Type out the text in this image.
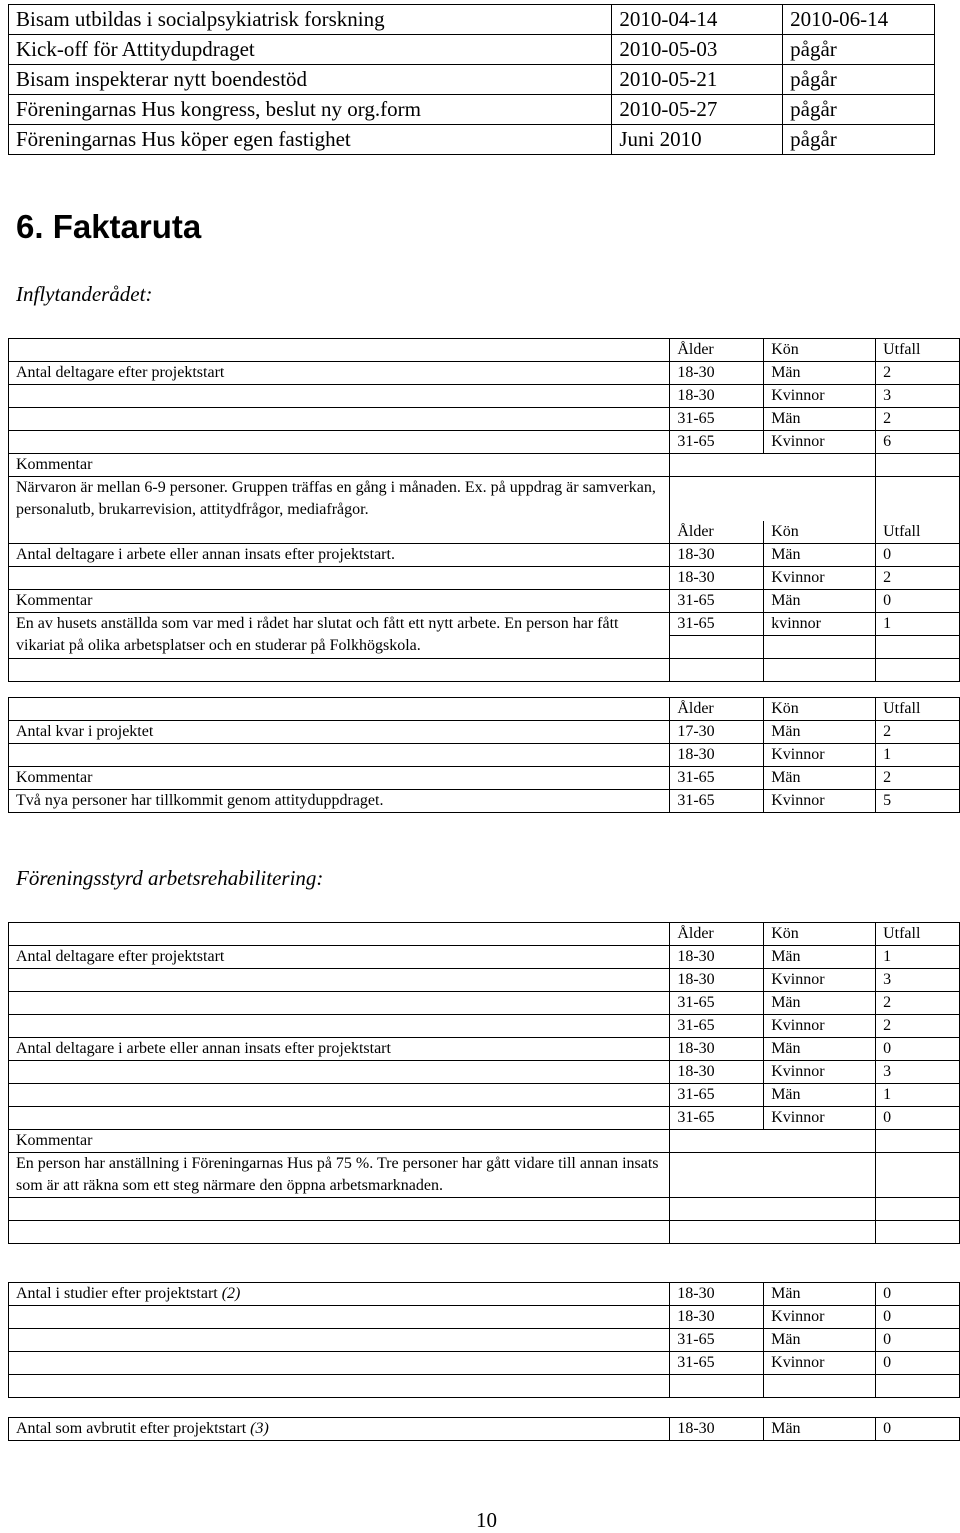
Bisam utbildas i socialpsykiatrisk forskning	2010-04-14	2010-06-14
Kick-off för Attitydupdraget	2010-05-03	pågår
Bisam inspekterar nytt boendestöd	2010-05-21	pågår
Föreningarnas Hus kongress, beslut ny org.form	2010-05-27	pågår
Föreningarnas Hus köper egen fastighet	Juni 2010	pågår
6. Faktaruta
Inflytanderådet:
	Ålder	Kön	Utfall
Antal deltagare efter projektstart	18-30	Män	2
	18-30	Kvinnor	3
	31-65	Män	2
	31-65	Kvinnor	6
Kommentar			
Närvaron är mellan 6-9 personer. Gruppen träffas en gång i månaden. Ex. på uppdrag är samverkan, personalutb, brukarrevision, attitydfrågor, mediafrågor.			
	Ålder	Kön	Utfall
Antal deltagare i arbete eller annan insats efter projektstart.	18-30	Män	0
	18-30	Kvinnor	2
Kommentar	31-65	Män	0
En av husets anställda som var med i rådet har slutat och fått ett nytt arbete. En person har fått vikariat på olika arbetsplatser och en studerar på Folkhögskola.	31-65	kvinnor	1

	Ålder	Kön	Utfall
Antal kvar i projektet	17-30	Män	2
	18-30	Kvinnor	1
Kommentar	31-65	Män	2
Två nya personer har tillkommit genom attityduppdraget.	31-65	Kvinnor	5
Föreningsstyrd arbetsrehabilitering:
	Ålder	Kön	Utfall
Antal deltagare efter projektstart	18-30	Män	1
	18-30	Kvinnor	3
	31-65	Män	2
	31-65	Kvinnor	2
Antal deltagare i arbete eller annan insats efter projektstart	18-30	Män	0
	18-30	Kvinnor	3
	31-65	Män	1
	31-65	Kvinnor	0
Kommentar			
En person har anställning i Föreningarnas Hus på 75 %. Tre personer har gått vidare till annan insats som är att räkna som ett steg närmare den öppna arbetsmarknaden.			

Antal i studier efter projektstart (2)	18-30	Män	0
	18-30	Kvinnor	0
	31-65	Män	0
	31-65	Kvinnor	0

Antal som avbrutit efter projektstart (3)	18-30	Män	0
10
